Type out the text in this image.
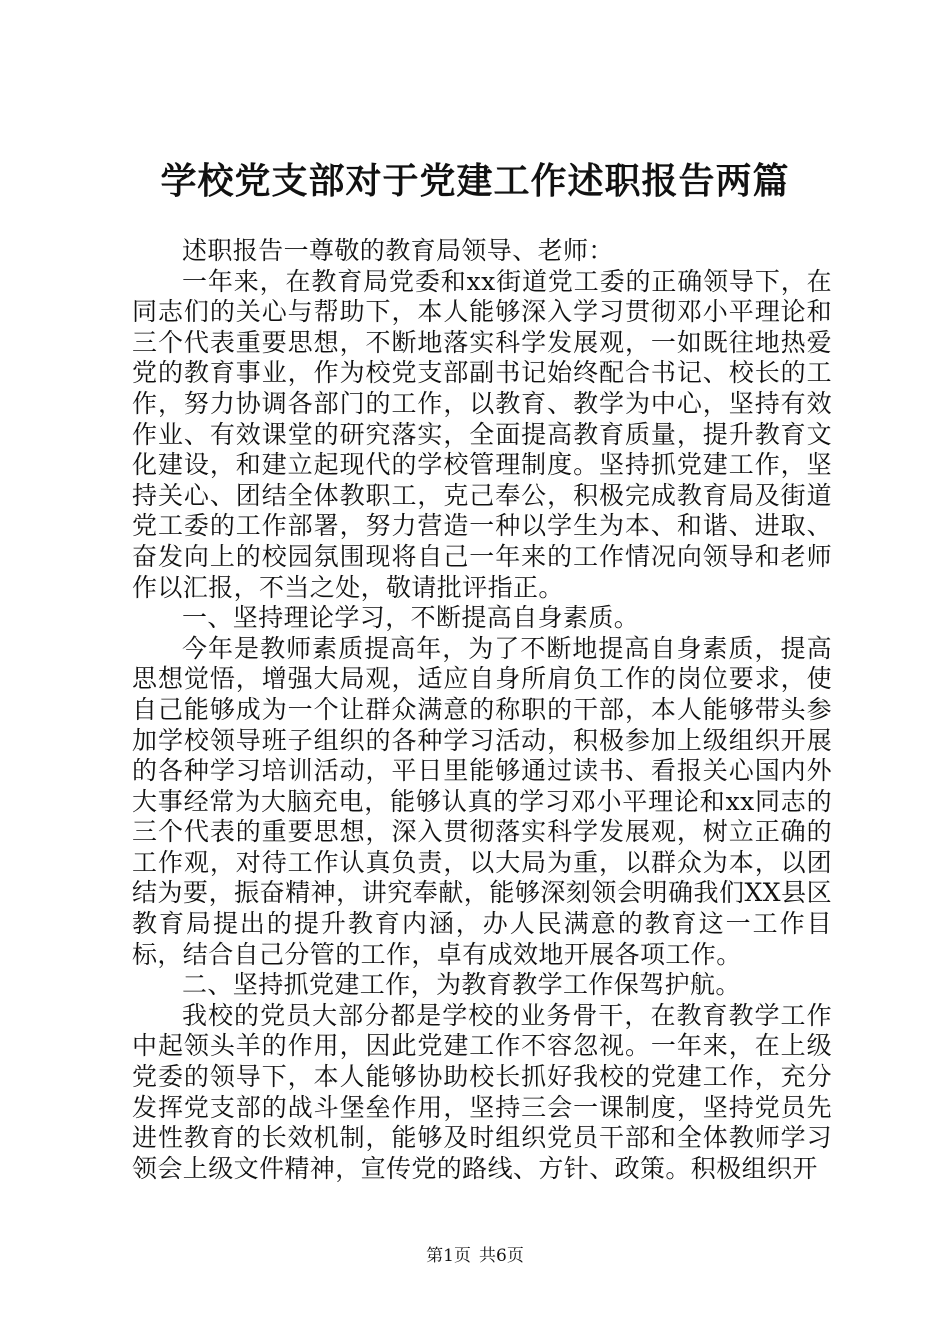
学校党支部对于党建工作述职报告两篇

述职报告一尊敬的教育局领导、老师：

一年来，在教育局党委和xx街道党工委的正确领导下，在同志们的关心与帮助下，本人能够深入学习贯彻邓小平理论和三个代表重要思想，不断地落实科学发展观，一如既往地热爱党的教育事业，作为校党支部副书记始终配合书记、校长的工作，努力协调各部门的工作，以教育、教学为中心，坚持有效作业、有效课堂的研究落实，全面提高教育质量，提升教育文化建设，和建立起现代的学校管理制度。坚持抓党建工作，坚持关心、团结全体教职工，克己奉公，积极完成教育局及街道党工委的工作部署，努力营造一种以学生为本、和谐、进取、奋发向上的校园氛围现将自己一年来的工作情况向领导和老师作以汇报，不当之处，敬请批评指正。

一、坚持理论学习，不断提高自身素质。

今年是教师素质提高年，为了不断地提高自身素质，提高思想觉悟，增强大局观，适应自身所肩负工作的岗位要求，使自己能够成为一个让群众满意的称职的干部，本人能够带头参加学校领导班子组织的各种学习活动，积极参加上级组织开展的各种学习培训活动，平日里能够通过读书、看报关心国内外大事经常为大脑充电，能够认真的学习邓小平理论和xx同志的三个代表的重要思想，深入贯彻落实科学发展观，树立正确的工作观，对待工作认真负责，以大局为重，以群众为本，以团结为要，振奋精神，讲究奉献，能够深刻领会明确我们XX县区教育局提出的提升教育内涵，办人民满意的教育这一工作目标，结合自己分管的工作，卓有成效地开展各项工作。

二、坚持抓党建工作，为教育教学工作保驾护航。

我校的党员大部分都是学校的业务骨干，在教育教学工作中起领头羊的作用，因此党建工作不容忽视。一年来，在上级党委的领导下，本人能够协助校长抓好我校的党建工作，充分发挥党支部的战斗堡垒作用，坚持三会一课制度，坚持党员先进性教育的长效机制，能够及时组织党员干部和全体教师学习领会上级文件精神，宣传党的路线、方针、政策。积极组织开

第1页 共6页
